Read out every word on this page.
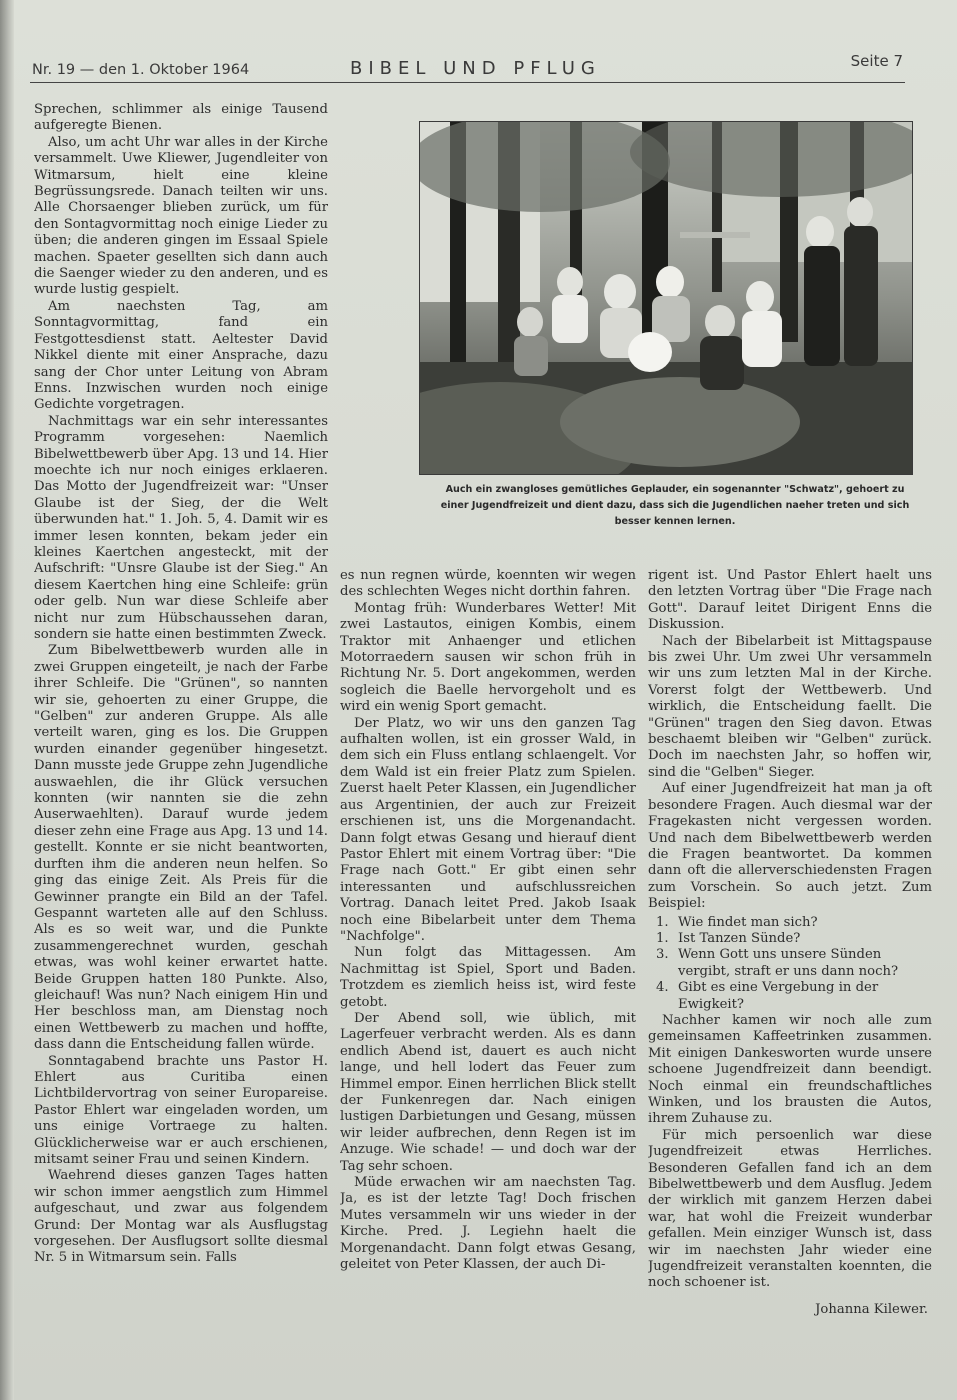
Nr. 19 — den 1. Oktober 1964	BIBEL UND PFLUG	Seite 7

Sprechen, schlimmer als einige Tausend aufgeregte Bienen.

Also, um acht Uhr war alles in der Kirche versammelt. Uwe Kliewer, Jugendleiter von Witmarsum, hielt eine kleine Begrüssungsrede. Danach teilten wir uns. Alle Chorsaenger blieben zurück, um für den Sontagvormittag noch einige Lieder zu üben; die anderen gingen im Essaal Spiele machen. Spaeter gesellten sich dann auch die Saenger wieder zu den anderen, und es wurde lustig gespielt.

Am naechsten Tag, am Sonntagvormittag, fand ein Festgottesdienst statt. Aeltester David Nikkel diente mit einer Ansprache, dazu sang der Chor unter Leitung von Abram Enns. Inzwischen wurden noch einige Gedichte vorgetragen.

Nachmittags war ein sehr interessantes Programm vorgesehen: Naemlich Bibelwettbewerb über Apg. 13 und 14. Hier moechte ich nur noch einiges erklaeren. Das Motto der Jugendfreizeit war: "Unser Glaube ist der Sieg, der die Welt überwunden hat." 1. Joh. 5, 4. Damit wir es immer lesen konnten, bekam jeder ein kleines Kaertchen angesteckt, mit der Aufschrift: "Unsre Glaube ist der Sieg." An diesem Kaertchen hing eine Schleife: grün oder gelb. Nun war diese Schleife aber nicht nur zum Hübschaussehen daran, sondern sie hatte einen bestimmten Zweck.

Zum Bibelwettbewerb wurden alle in zwei Gruppen eingeteilt, je nach der Farbe ihrer Schleife. Die "Grünen", so nannten wir sie, gehoerten zu einer Gruppe, die "Gelben" zur anderen Gruppe. Als alle verteilt waren, ging es los. Die Gruppen wurden einander gegenüber hingesetzt. Dann musste jede Gruppe zehn Jugendliche auswaehlen, die ihr Glück versuchen konnten (wir nannten sie die zehn Auserwaehlten). Darauf wurde jedem dieser zehn eine Frage aus Apg. 13 und 14. gestellt. Konnte er sie nicht beantworten, durften ihm die anderen neun helfen. So ging das einige Zeit. Als Preis für die Gewinner prangte ein Bild an der Tafel. Gespannt warteten alle auf den Schluss. Als es so weit war, und die Punkte zusammengerechnet wurden, geschah etwas, was wohl keiner erwartet hatte. Beide Gruppen hatten 180 Punkte. Also, gleichauf! Was nun? Nach einigem Hin und Her beschloss man, am Dienstag noch einen Wettbewerb zu machen und hoffte, dass dann die Entscheidung fallen würde.

Sonntagabend brachte uns Pastor H. Ehlert aus Curitiba einen Lichtbildervortrag von seiner Europareise. Pastor Ehlert war eingeladen worden, um uns einige Vortraege zu halten. Glücklicherweise war er auch erschienen, mitsamt seiner Frau und seinen Kindern.

Waehrend dieses ganzen Tages hatten wir schon immer aengstlich zum Himmel aufgeschaut, und zwar aus folgendem Grund: Der Montag war als Ausflugstag vorgesehen. Der Ausflugsort sollte diesmal Nr. 5 in Witmarsum sein. Falls

Auch ein zwangloses gemütliches Geplauder, ein sogenannter "Schwatz", gehoert zu einer Jugendfreizeit und dient dazu, dass sich die Jugendlichen naeher treten und sich besser kennen lernen.

es nun regnen würde, koennten wir wegen des schlechten Weges nicht dorthin fahren.

Montag früh: Wunderbares Wetter! Mit zwei Lastautos, einigen Kombis, einem Traktor mit Anhaenger und etlichen Motorraedern sausen wir schon früh in Richtung Nr. 5. Dort angekommen, werden sogleich die Baelle hervorgeholt und es wird ein wenig Sport gemacht.

Der Platz, wo wir uns den ganzen Tag aufhalten wollen, ist ein grosser Wald, in dem sich ein Fluss entlang schlaengelt. Vor dem Wald ist ein freier Platz zum Spielen. Zuerst haelt Peter Klassen, ein Jugendlicher aus Argentinien, der auch zur Freizeit erschienen ist, uns die Morgenandacht. Dann folgt etwas Gesang und hierauf dient Pastor Ehlert mit einem Vortrag über: "Die Frage nach Gott." Er gibt einen sehr interessanten und aufschlussreichen Vortrag. Danach leitet Pred. Jakob Isaak noch eine Bibelarbeit unter dem Thema "Nachfolge".

Nun folgt das Mittagessen. Am Nachmittag ist Spiel, Sport und Baden. Trotzdem es ziemlich heiss ist, wird feste getobt.

Der Abend soll, wie üblich, mit Lagerfeuer verbracht werden. Als es dann endlich Abend ist, dauert es auch nicht lange, und hell lodert das Feuer zum Himmel empor. Einen herrlichen Blick stellt der Funkenregen dar. Nach einigen lustigen Darbietungen und Gesang, müssen wir leider aufbrechen, denn Regen ist im Anzuge. Wie schade! — und doch war der Tag sehr schoen.

Müde erwachen wir am naechsten Tag. Ja, es ist der letzte Tag! Doch frischen Mutes versammeln wir uns wieder in der Kirche. Pred. J. Legiehn haelt die Morgenandacht. Dann folgt etwas Gesang, geleitet von Peter Klassen, der auch Di-

rigent ist. Und Pastor Ehlert haelt uns den letzten Vortrag über "Die Frage nach Gott". Darauf leitet Dirigent Enns die Diskussion.

Nach der Bibelarbeit ist Mittagspause bis zwei Uhr. Um zwei Uhr versammeln wir uns zum letzten Mal in der Kirche. Vorerst folgt der Wettbewerb. Und wirklich, die Entscheidung faellt. Die "Grünen" tragen den Sieg davon. Etwas beschaemt bleiben wir "Gelben" zurück. Doch im naechsten Jahr, so hoffen wir, sind die "Gelben" Sieger.

Auf einer Jugendfreizeit hat man ja oft besondere Fragen. Auch diesmal war der Fragekasten nicht vergessen worden. Und nach dem Bibelwettbewerb werden die Fragen beantwortet. Da kommen dann oft die allerverschiedensten Fragen zum Vorschein. So auch jetzt. Zum Beispiel:

1. Wie findet man sich?
1. Ist Tanzen Sünde?
3. Wenn Gott uns unsere Sünden vergibt, straft er uns dann noch?
4. Gibt es eine Vergebung in der Ewigkeit?

Nachher kamen wir noch alle zum gemeinsamen Kaffeetrinken zusammen. Mit einigen Dankesworten wurde unsere schoene Jugendfreizeit dann beendigt. Noch einmal ein freundschaftliches Winken, und los brausten die Autos, ihrem Zuhause zu.

Für mich persoenlich war diese Jugendfreizeit etwas Herrliches. Besonderen Gefallen fand ich an dem Bibelwettbewerb und dem Ausflug. Jedem der wirklich mit ganzem Herzen dabei war, hat wohl die Freizeit wunderbar gefallen. Mein einziger Wunsch ist, dass wir im naechsten Jahr wieder eine Jugendfreizeit veranstalten koennten, die noch schoener ist.

Johanna Kilewer.
